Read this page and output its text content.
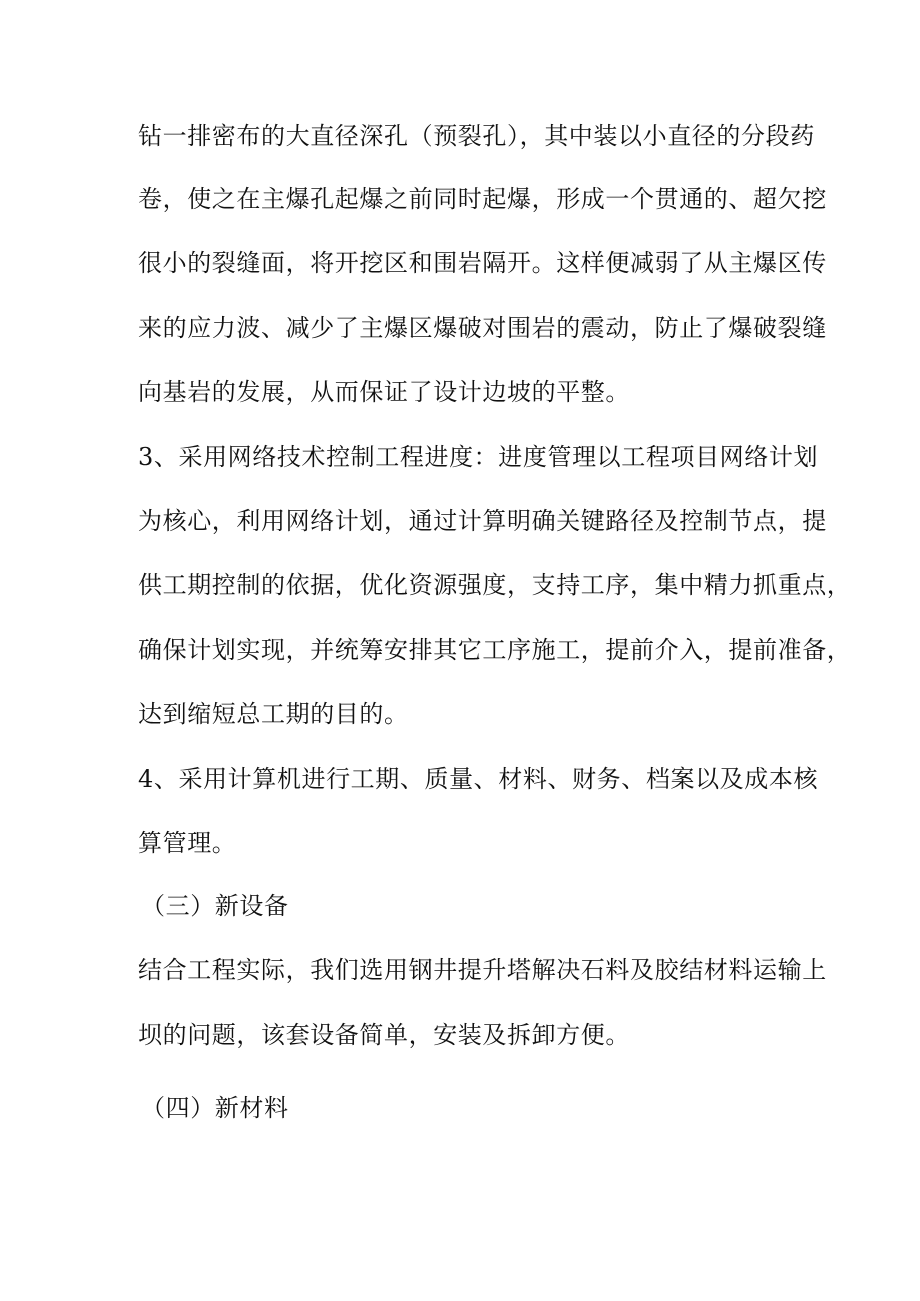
钻一排密布的大直径深孔（预裂孔），其中装以小直径的分段药
卷，使之在主爆孔起爆之前同时起爆，形成一个贯通的、超欠挖
很小的裂缝面，将开挖区和围岩隔开。这样便减弱了从主爆区传
来的应力波、减少了主爆区爆破对围岩的震动，防止了爆破裂缝
向基岩的发展，从而保证了设计边坡的平整。
3、采用网络技术控制工程进度：进度管理以工程项目网络计划
为核心，利用网络计划，通过计算明确关键路径及控制节点，提
供工期控制的依据，优化资源强度，支持工序，集中精力抓重点，
确保计划实现，并统筹安排其它工序施工，提前介入，提前准备，
达到缩短总工期的目的。
4、采用计算机进行工期、质量、材料、财务、档案以及成本核
算管理。
（三）新设备
结合工程实际，我们选用钢井提升塔解决石料及胶结材料运输上
坝的问题，该套设备简单，安装及拆卸方便。
（四）新材料
